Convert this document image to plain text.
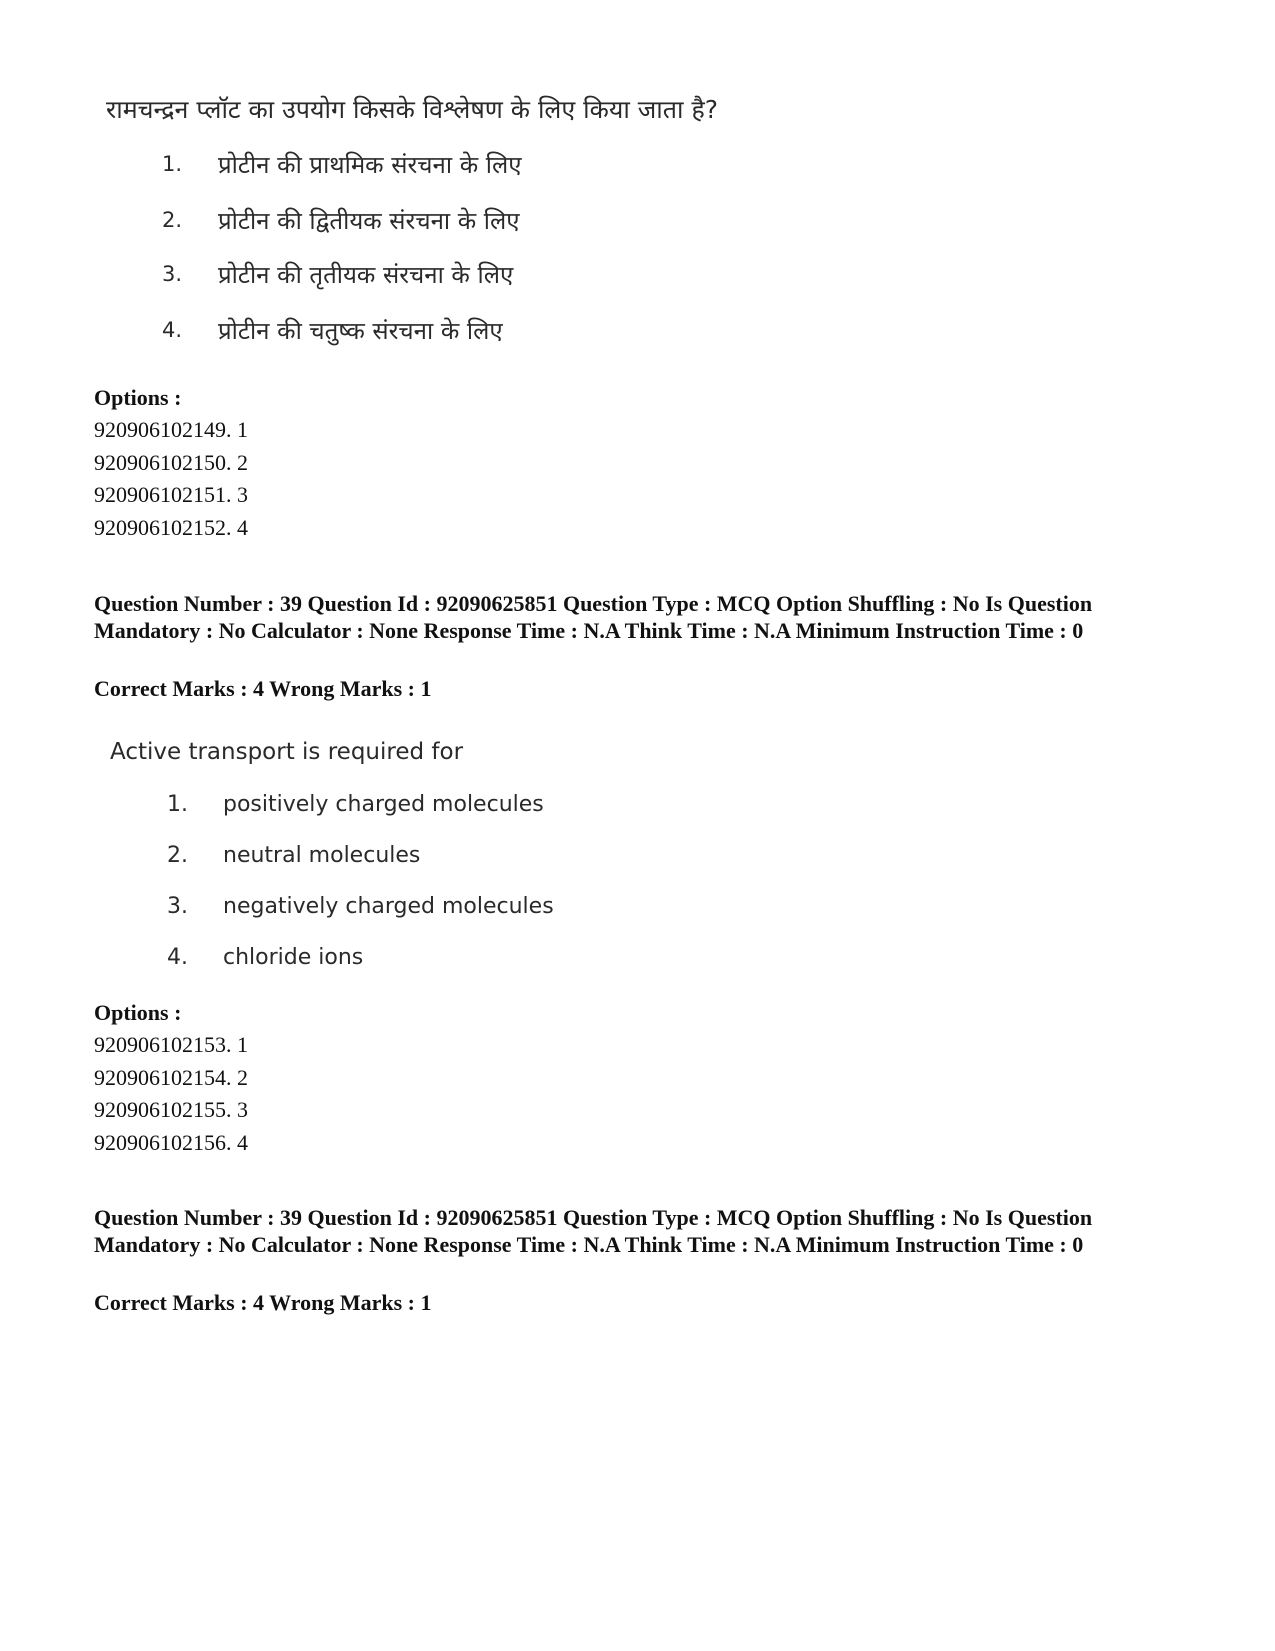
रामचन्द्रन प्लॉट का उपयोग किसके विश्लेषण के लिए किया जाता है?
1. प्रोटीन की प्राथमिक संरचना के लिए
2. प्रोटीन की द्वितीयक संरचना के लिए
3. प्रोटीन की तृतीयक संरचना के लिए
4. प्रोटीन की चतुष्क संरचना के लिए
Options :
920906102149. 1
920906102150. 2
920906102151. 3
920906102152. 4
Question Number : 39 Question Id : 92090625851 Question Type : MCQ Option Shuffling : No Is Question Mandatory : No Calculator : None Response Time : N.A Think Time : N.A Minimum Instruction Time : 0
Correct Marks : 4 Wrong Marks : 1
Active transport is required for
1. positively charged molecules
2. neutral molecules
3. negatively charged molecules
4. chloride ions
Options :
920906102153. 1
920906102154. 2
920906102155. 3
920906102156. 4
Question Number : 39 Question Id : 92090625851 Question Type : MCQ Option Shuffling : No Is Question Mandatory : No Calculator : None Response Time : N.A Think Time : N.A Minimum Instruction Time : 0
Correct Marks : 4 Wrong Marks : 1
